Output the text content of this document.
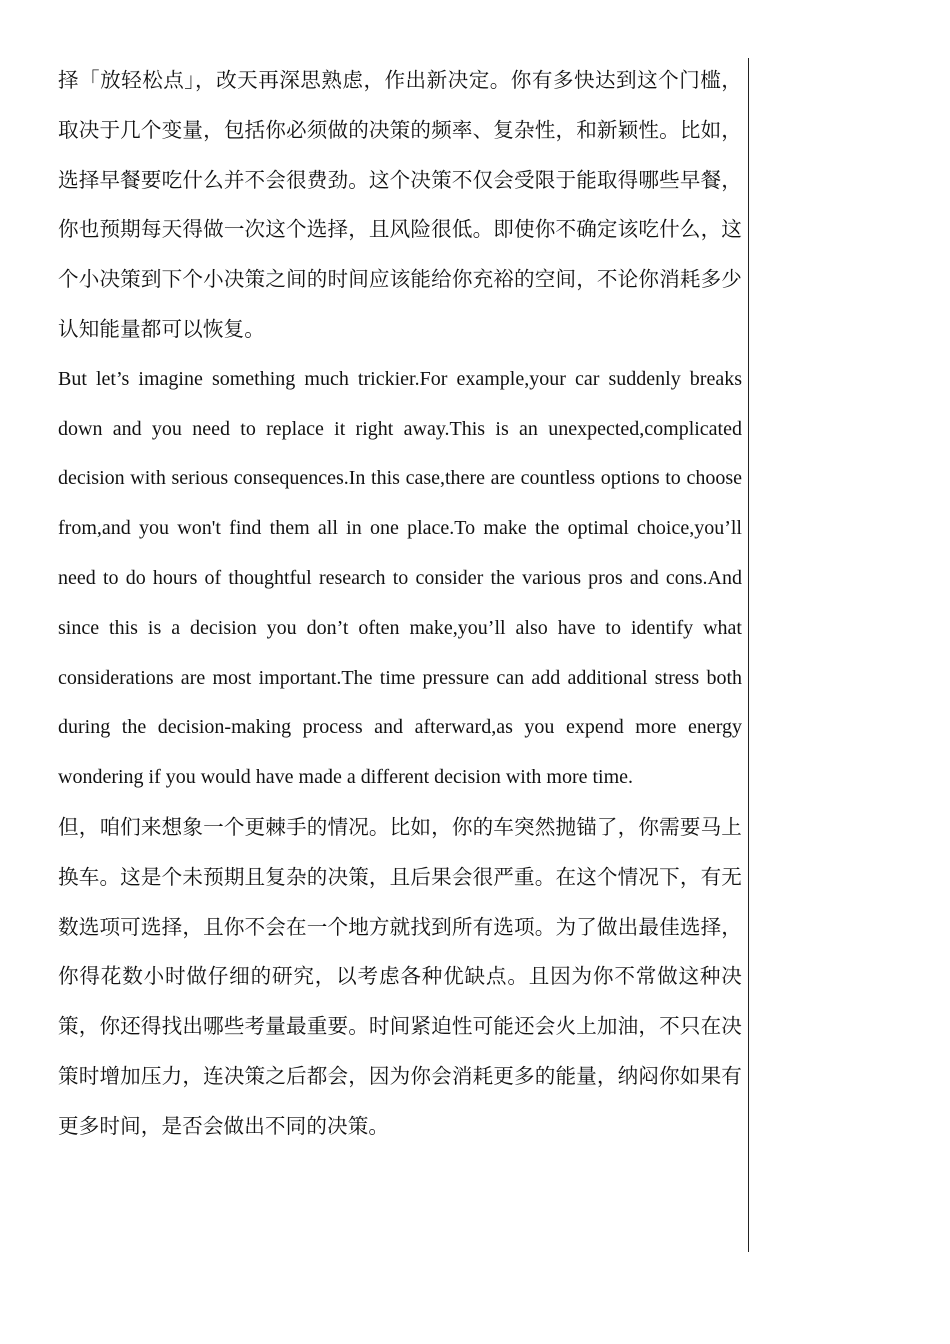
择「放轻松点」，改天再深思熟虑，作出新决定。你有多快达到这个门槛，取决于几个变量，包括你必须做的决策的频率、复杂性，和新颖性。比如，选择早餐要吃什么并不会很费劲。这个决策不仅会受限于能取得哪些早餐，你也预期每天得做一次这个选择，且风险很低。即使你不确定该吃什么，这个小决策到下个小决策之间的时间应该能给你充裕的空间，不论你消耗多少认知能量都可以恢复。

But let’s imagine something much trickier.For example,your car suddenly breaks down and you need to replace it right away.This is an unexpected,complicated decision with serious consequences.In this case,there are countless options to choose from,and you won't find them all in one place.To make the optimal choice,you’ll need to do hours of thoughtful research to consider the various pros and cons.And since this is a decision you don’t often make,you’ll also have to identify what considerations are most important.The time pressure can add additional stress both during the decision-making process and afterward,as you expend more energy wondering if you would have made a different decision with more time.

但，咱们来想象一个更棘手的情况。比如，你的车突然抛锚了，你需要马上换车。这是个未预期且复杂的决策，且后果会很严重。在这个情况下，有无数选项可选择，且你不会在一个地方就找到所有选项。为了做出最佳选择，你得花数小时做仔细的研究，以考虑各种优缺点。且因为你不常做这种决策，你还得找出哪些考量最重要。时间紧迫性可能还会火上加油，不只在决策时增加压力，连决策之后都会，因为你会消耗更多的能量，纳闷你如果有更多时间，是否会做出不同的决策。
